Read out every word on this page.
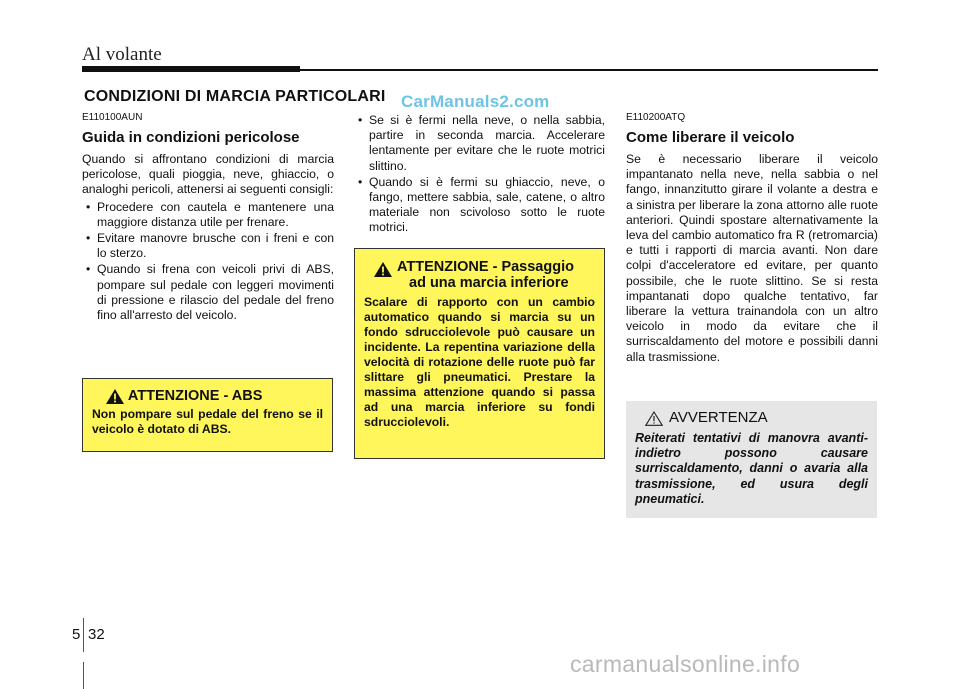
Al volante
CONDIZIONI DI MARCIA PARTICOLARI CarManuals2.com
E110100AUN
Guida in condizioni pericolose
Quando si affrontano condizioni di marcia pericolose, quali pioggia, neve, ghiaccio, o analoghi pericoli, attenersi ai seguenti consigli:
• Procedere con cautela e mantenere una maggiore distanza utile per frenare.
• Evitare manovre brusche con i freni e con lo sterzo.
• Quando si frena con veicoli privi di ABS, pompare sul pedale con leggeri movimenti di pressione e rilascio del pedale del freno fino all'arresto del veicolo.
ATTENZIONE - ABS
Non pompare sul pedale del freno se il veicolo è dotato di ABS.
• Se si è fermi nella neve, o nella sabbia, partire in seconda marcia. Accelerare lentamente per evitare che le ruote motrici slittino.
• Quando si è fermi su ghiaccio, neve, o fango, mettere sabbia, sale, catene, o altro materiale non scivoloso sotto le ruote motrici.
ATTENZIONE - Passaggio
ad una marcia inferiore
Scalare di rapporto con un cambio automatico quando si marcia su un fondo sdrucciolevole può causare un incidente. La repentina variazione della velocità di rotazione delle ruote può far slittare gli pneumatici. Prestare la massima attenzione quando si passa ad una marcia inferiore su fondi sdrucciolevoli.
E110200ATQ
Come liberare il veicolo
Se è necessario liberare il veicolo impantanato nella neve, nella sabbia o nel fango, innanzitutto girare il volante a destra e a sinistra per liberare la zona attorno alle ruote anteriori. Quindi spostare alternativamente la leva del cambio automatico fra R (retromarcia) e tutti i rapporti di marcia avanti. Non dare colpi d'acceleratore ed evitare, per quanto possibile, che le ruote slittino. Se si resta impantanati dopo qualche tentativo, far liberare la vettura trainandola con un altro veicolo in modo da evitare che il surriscaldamento del motore e possibili danni alla trasmissione.
AVVERTENZA
Reiterati tentativi di manovra avanti-indietro possono causare surriscaldamento, danni o avaria alla trasmissione, ed usura degli pneumatici.
5 32
carmanualsonline.info
